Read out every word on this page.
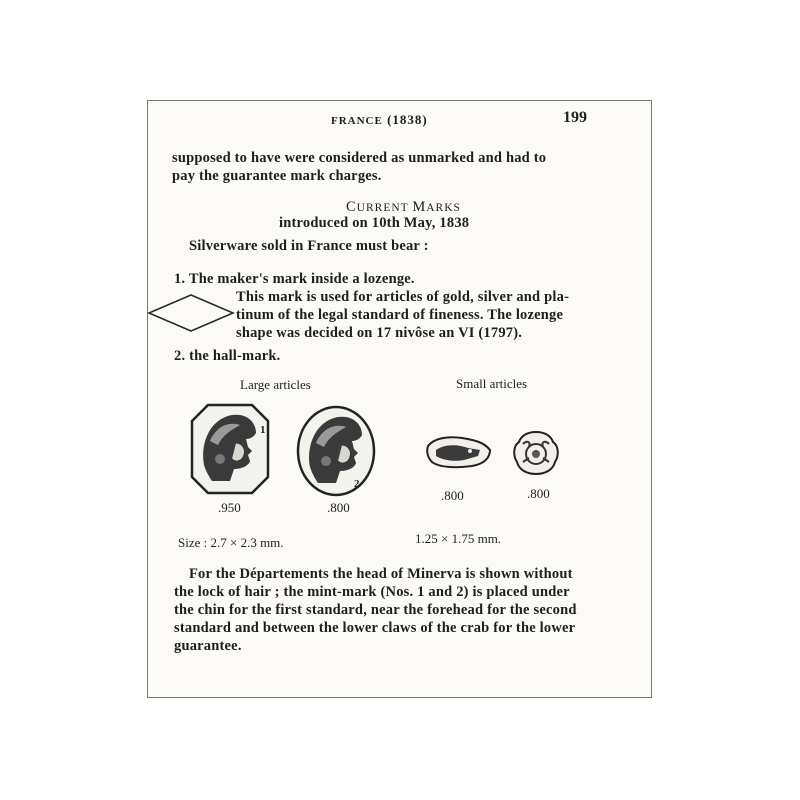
FRANCE (1838)	199
supposed to have were considered as unmarked and had to
pay the guarantee mark charges.
CURRENT MARKS
introduced on 10th May, 1838
Silverware sold in France must bear :
1. The maker's mark inside a lozenge.
This mark is used for articles of gold, silver and pla-
tinum of the legal standard of fineness. The lozenge
shape was decided on 17 nivôse an VI (1797).
2. the hall-mark.
Large articles	Small articles
1
2
.950	.800
.800	.800
Size : 2.7 × 2.3 mm.	1.25 × 1.75 mm.
For the Départements the head of Minerva is shown without
the lock of hair ; the mint-mark (Nos. 1 and 2) is placed under
the chin for the first standard, near the forehead for the second
standard and between the lower claws of the crab for the lower
guarantee.
